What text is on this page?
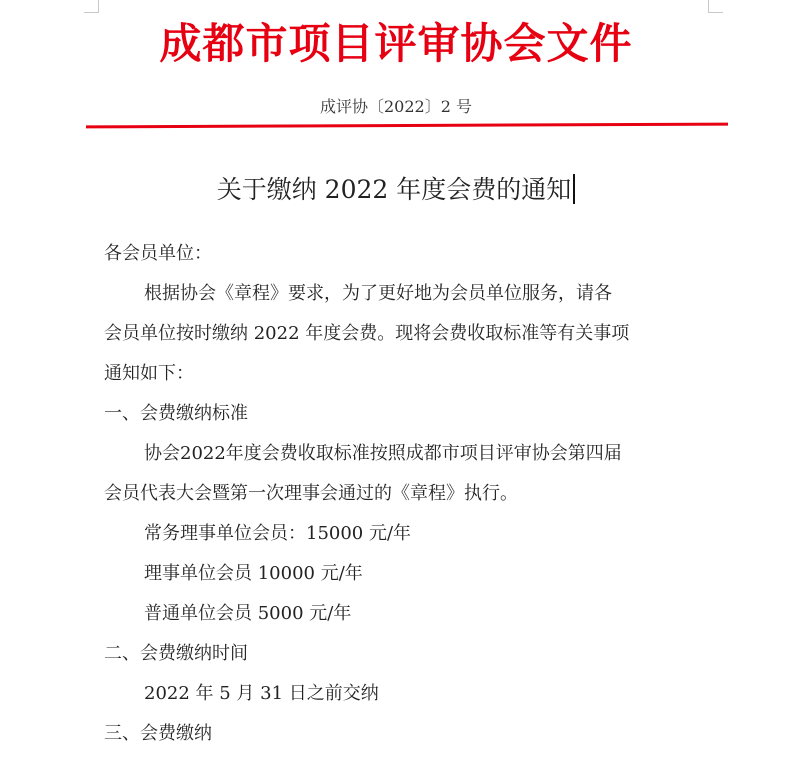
成都市项目评审协会文件
成评协〔2022〕2 号
关于缴纳 2022 年度会费的通知

各会员单位：

根据协会《章程》要求，为了更好地为会员单位服务，请各

会员单位按时缴纳 2022 年度会费。现将会费收取标准等有关事项

通知如下：

一、会费缴纳标准

协会2022年度会费收取标准按照成都市项目评审协会第四届

会员代表大会暨第一次理事会通过的《章程》执行。

常务理事单位会员：15000 元/年

理事单位会员 10000 元/年

普通单位会员 5000 元/年

二、会费缴纳时间

2022 年 5 月 31 日之前交纳

三、会费缴纳
